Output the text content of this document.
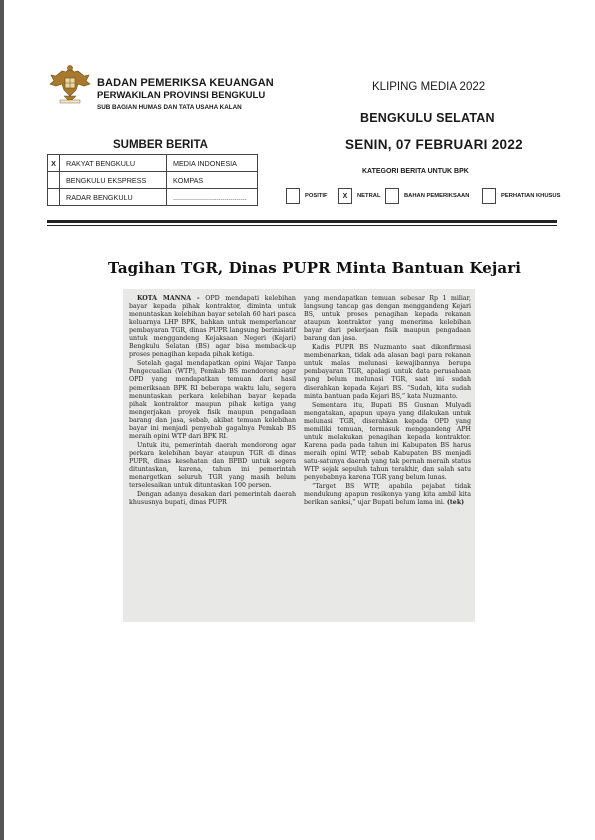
BADAN PEMERIKSA KEUANGAN
PERWAKILAN PROVINSI BENGKULU
SUB BAGIAN HUMAS DAN TATA USAHA KALAN
KLIPING MEDIA 2022
BENGKULU SELATAN
SUMBER BERITA	SENIN, 07 FEBRUARI 2022
X	RAKYAT BENGKULU	MEDIA INDONESIA
	BENGKULU EKSPRESS	KOMPAS
	RADAR BENGKULU	.....................................
KATEGORI BERITA UNTUK BPK
POSITIF	X	NETRAL	BAHAN PEMERIKSAAN	PERHATIAN KHUSUS
Tagihan TGR, Dinas PUPR Minta Bantuan Kejari

KOTA MANNA - OPD mendapati kelebihan bayar kepada pihak kontraktor, diminta untuk menuntaskan kelebihan bayar setelah 60 hari pasca keluarnya LHP BPK, bahkan untuk memperlancar pembayaran TGR, dinas PUPR langsung berinisiatif untuk menggandeng Kejaksaan Negeri (Kejari) Bengkulu Selatan (BS) agar bisa memback-up proses penagihan kepada pihak ketiga.

Setelah gagal mendapatkan opini Wajar Tanpa Pengecualian (WTP), Pemkab BS mendorong agar OPD yang mendapatkan temuan dari hasil pemeriksaan BPK RI beberapa waktu lalu, segera menuntaskan perkara kelebihan bayar kepada pihak kontraktor maupun pihak ketiga yang mengerjakan proyek fisik maupun pengadaan barang dan jasa, sebab, akibat temuan kelebihan bayar ini menjadi penyebab gagalnya Pemkab BS meraih opini WTP dari BPK RI.

Untuk itu, pemerintah daerah mendorong agar perkara kelebihan bayar ataupun TGR di dinas PUPR, dinas kesehatan dan BPBD untuk segera dituntaskan, karena, tahun ini pemerintah menargetkan seluruh TGR yang masih belum terselesaikan untuk dituntaskan 100 persen.

Dengan adanya desakan dari pemerintah daerah khususnya bupati, dinas PUPR

yang mendapatkan temuan sebesar Rp 1 miliar, langsung tancap gas dengan menggandeng Kejari BS, untuk proses penagihan kepada rekanan ataupun kontraktor yang menerima kelebihan bayar dari pekerjaan fisik maupun pengadaan barang dan jasa.

Kadis PUPR BS Nuzmanto saat dikonfirmasi membenarkan, tidak ada alasan bagi para rekanan untuk malas melunasi kewajibannya berupa pembayaran TGR, apalagi untuk data perusahaan yang belum melunasi TGR, saat ini sudah diserahkan kepada Kejari BS. “Sudah, kita sudah minta bantuan pada Kejari BS,” kata Nuzmanto.

Sementara itu, Bupati BS Gusnan Mulyadi mengatakan, apapun upaya yang dilakukan untuk melunasi TGR, diserahkan kepada OPD yang memiliki temuan, termasuk menggandeng APH untuk melakukan penagihan kepada kontraktor. Karena pada pada tahun ini Kabupaten BS harus meraih opini WTP, sebab Kabupaten BS menjadi satu-satunya daerah yang tak pernah meraih status WTP sejak sepuluh tahun terakhir, dan salah satu penyebabnya karena TGR yang belum lunas.

“Target BS WTP, apabila pejabat tidak mendukung apapun resikonya yang kita ambil kita berikan sanksi,” ujar Bupati belum lama ini. (tek)
